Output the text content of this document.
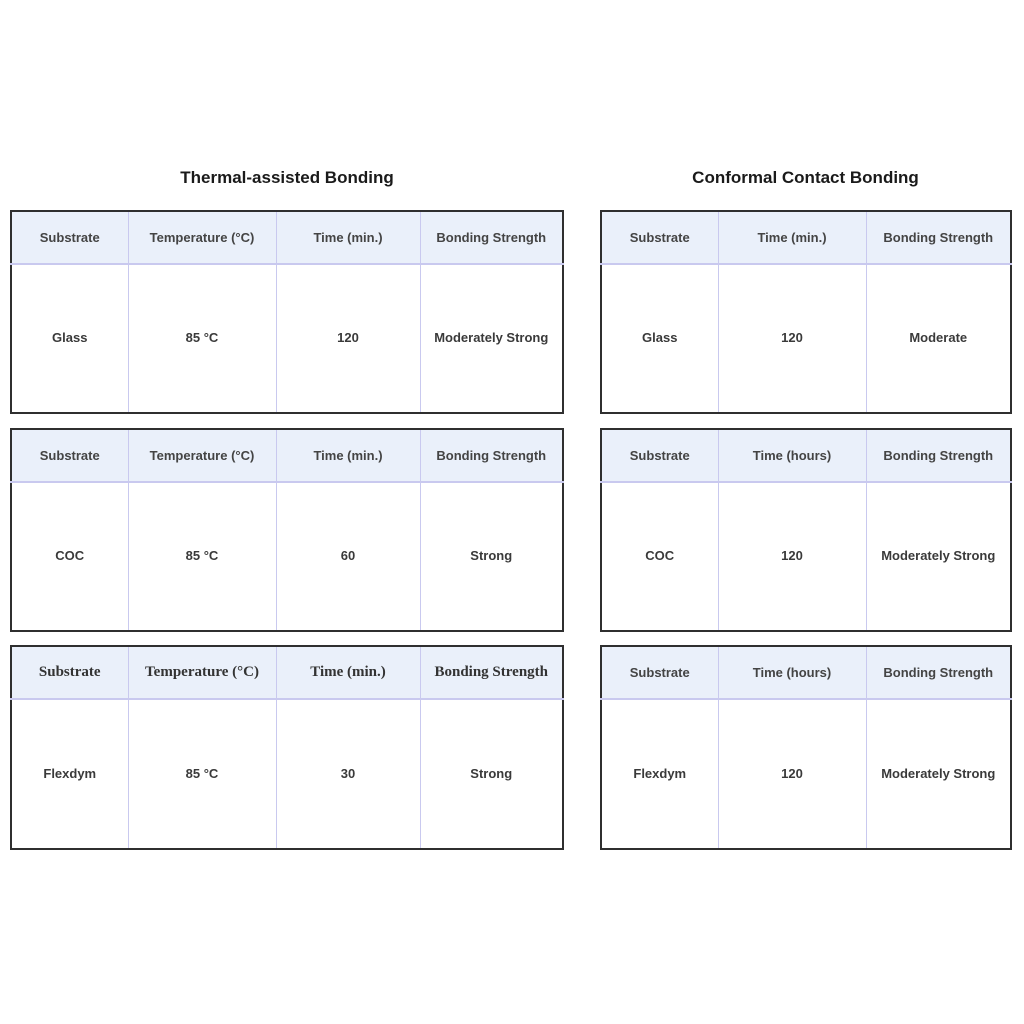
Thermal-assisted Bonding	Conformal Contact Bonding
Substrate	Temperature (°C)	Time (min.)	Bonding Strength
Glass	85 °C	120	Moderately Strong
Substrate	Temperature (°C)	Time (min.)	Bonding Strength
COC	85 °C	60	Strong
Substrate	Temperature (°C)	Time (min.)	Bonding Strength
Flexdym	85 °C	30	Strong
Substrate	Time (min.)	Bonding Strength
Glass	120	Moderate
Substrate	Time (hours)	Bonding Strength
COC	120	Moderately Strong
Substrate	Time (hours)	Bonding Strength
Flexdym	120	Moderately Strong
